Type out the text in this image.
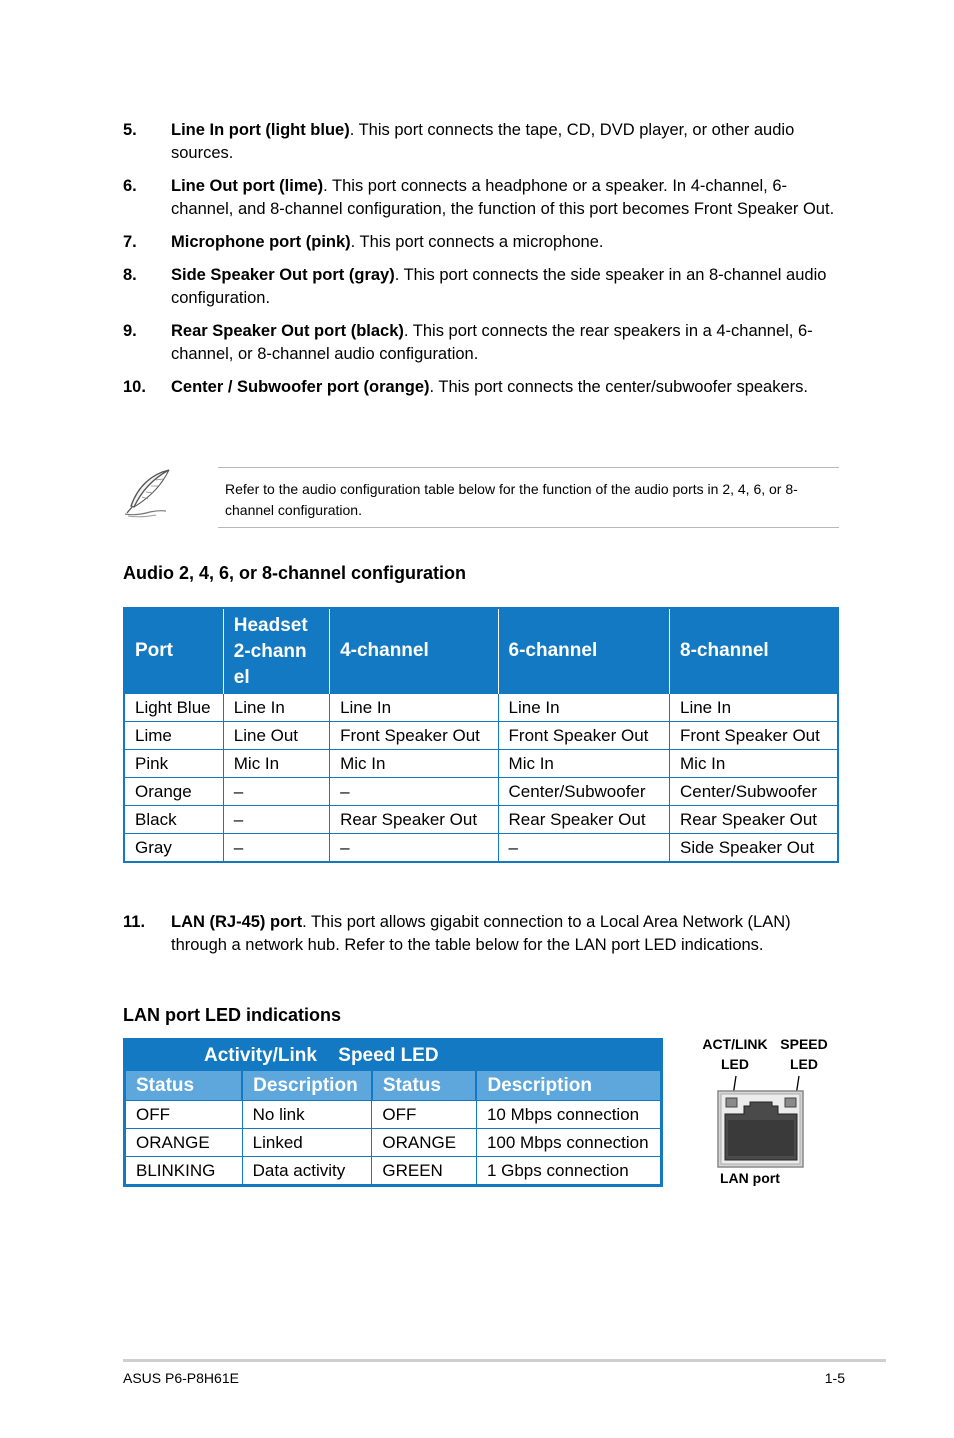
5. Line In port (light blue). This port connects the tape, CD, DVD player, or other audio sources.
6. Line Out port (lime). This port connects a headphone or a speaker. In 4-channel, 6-channel, and 8-channel configuration, the function of this port becomes Front Speaker Out.
7. Microphone port (pink). This port connects a microphone.
8. Side Speaker Out port (gray). This port connects the side speaker in an 8-channel audio configuration.
9. Rear Speaker Out port (black). This port connects the rear speakers in a 4-channel, 6-channel, or 8-channel audio configuration.
10. Center / Subwoofer port (orange). This port connects the center/subwoofer speakers.

Refer to the audio configuration table below for the function of the audio ports in 2, 4, 6, or 8-channel configuration.

Audio 2, 4, 6, or 8-channel configuration
Port	Headset 2-channel	4-channel	6-channel	8-channel
Light Blue	Line In	Line In	Line In	Line In
Lime	Line Out	Front Speaker Out	Front Speaker Out	Front Speaker Out
Pink	Mic In	Mic In	Mic In	Mic In
Orange	–	–	Center/Subwoofer	Center/Subwoofer
Black	–	Rear Speaker Out	Rear Speaker Out	Rear Speaker Out
Gray	–	–	–	Side Speaker Out
11. LAN (RJ-45) port. This port allows gigabit connection to a Local Area Network (LAN) through a network hub. Refer to the table below for the LAN port LED indications.
LAN port LED indications
Activity/Link Speed LED			
Status	Description	Status	Description
OFF	No link	OFF	10 Mbps connection
ORANGE	Linked	ORANGE	100 Mbps connection
BLINKING	Data activity	GREEN	1 Gbps connection
ACT/LINK
LED
SPEED
LED
LAN port
ASUS P6-P8H61E	1-5
